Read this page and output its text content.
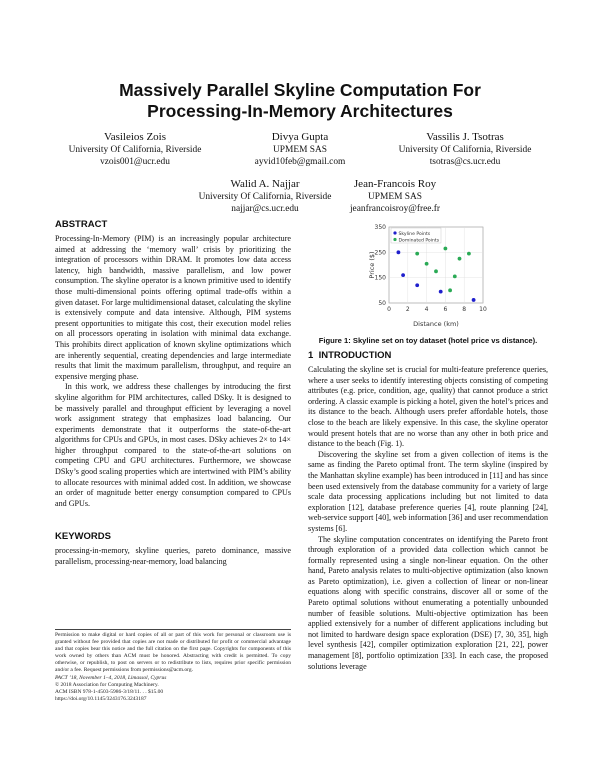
Massively Parallel Skyline Computation For
Processing-In-Memory Architectures
Vasileios Zois
University Of California, Riverside
vzois001@ucr.edu
Divya Gupta
UPMEM SAS
ayvid10feb@gmail.com
Vassilis J. Tsotras
University Of California, Riverside
tsotras@cs.ucr.edu
Walid A. Najjar
University Of California, Riverside
najjar@cs.ucr.edu
Jean-Francois Roy
UPMEM SAS
jeanfrancoisroy@free.fr
ABSTRACT

Processing-In-Memory (PIM) is an increasingly popular architecture aimed at addressing the ‘memory wall’ crisis by prioritizing the integration of processors within DRAM. It promotes low data access latency, high bandwidth, massive parallelism, and low power consumption. The skyline operator is a known primitive used to identify those multi-dimensional points offering optimal trade-offs within a given dataset. For large multidimensional dataset, calculating the skyline is extensively compute and data intensive. Although, PIM systems present opportunities to mitigate this cost, their execution model relies on all processors operating in isolation with minimal data exchange. This prohibits direct application of known skyline optimizations which are inherently sequential, creating dependencies and large intermediate results that limit the maximum parallelism, throughput, and require an expensive merging phase.

In this work, we address these challenges by introducing the first skyline algorithm for PIM architectures, called DSky. It is designed to be massively parallel and throughput efficient by leveraging a novel work assignment strategy that emphasizes load balancing. Our experiments demonstrate that it outperforms the state-of-the-art algorithms for CPUs and GPUs, in most cases. DSky achieves 2× to 14× higher throughput compared to the state-of-the-art solutions on competing CPU and GPU architectures. Furthermore, we showcase DSky’s good scaling properties which are intertwined with PIM’s ability to allocate resources with minimal added cost. In addition, we showcase an order of magnitude better energy consumption compared to CPUs and GPUs.

KEYWORDS

processing-in-memory, skyline queries, pareto dominance, massive parallelism, processing-near-memory, load balancing

Permission to make digital or hard copies of all or part of this work for personal or classroom use is granted without fee provided that copies are not made or distributed for profit or commercial advantage and that copies bear this notice and the full citation on the first page. Copyrights for components of this work owned by others than ACM must be honored. Abstracting with credit is permitted. To copy otherwise, or republish, to post on servers or to redistribute to lists, requires prior specific permission and/or a fee. Request permissions from permissions@acm.org.

PACT ’18, November 1–4, 2018, Limassol, Cyprus

© 2018 Association for Computing Machinery.

ACM ISBN 978-1-4503-5986-3/18/11. . . $15.00

https://doi.org/10.1145/3243176.3243187

50
150
250
350
0 2 4 6 8 10
Skyline Points
Dominated Points
Distance (km)
Price ($)

Figure 1: Skyline set on toy dataset (hotel price vs distance).

1 INTRODUCTION

Calculating the skyline set is crucial for multi-feature preference queries, where a user seeks to identify interesting objects consisting of competing attributes (e.g. price, condition, age, quality) that cannot produce a strict ordering. A classic example is picking a hotel, given the hotel’s prices and its distance to the beach. Although users prefer affordable hotels, those close to the beach are likely expensive. In this case, the skyline operator would present hotels that are no worse than any other in both price and distance to the beach (Fig. 1).

Discovering the skyline set from a given collection of items is the same as finding the Pareto optimal front. The term skyline (inspired by the Manhattan skyline example) has been introduced in [11] and has since been used extensively from the database community for a variety of large scale data processing applications including but not limited to data exploration [12], database preference queries [4], route planning [24], web-service support [40], web information [36] and user recommendation systems [6].

The skyline computation concentrates on identifying the Pareto front through exploration of a provided data collection which cannot be formally represented using a single non-linear equation. On the other hand, Pareto analysis relates to multi-objective optimization (also known as Pareto optimization), i.e. given a collection of linear or non-linear equations along with specific constrains, discover all or some of the Pareto optimal solutions without enumerating a potentially unbounded number of feasible solutions. Multi-objective optimization has been applied extensively for a number of different applications including but not limited to hardware design space exploration (DSE) [7, 30, 35], high level synthesis [42], compiler optimization exploration [21, 22], power management [8], portfolio optimization [33]. In each case, the proposed solutions leverage
